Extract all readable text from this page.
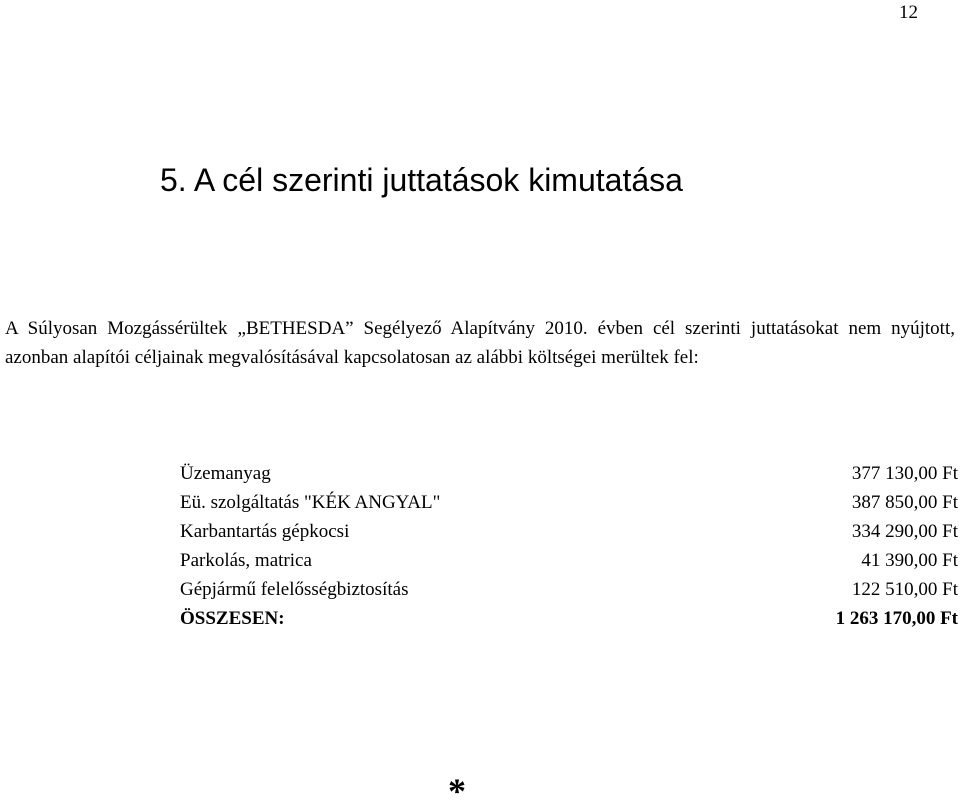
12
5. A cél szerinti juttatások kimutatása

A Súlyosan Mozgássérültek „BETHESDA” Segélyező Alapítvány 2010. évben cél szerinti juttatásokat nem nyújtott, azonban alapítói céljainak megvalósításával kapcsolatosan az alábbi költségei merültek fel:

Üzemanyag	377 130,00 Ft
Eü. szolgáltatás "KÉK ANGYAL"	387 850,00 Ft
Karbantartás gépkocsi	334 290,00 Ft
Parkolás, matrica	41 390,00 Ft
Gépjármű felelősségbiztosítás	122 510,00 Ft
ÖSSZESEN:	1 263 170,00 Ft
*
